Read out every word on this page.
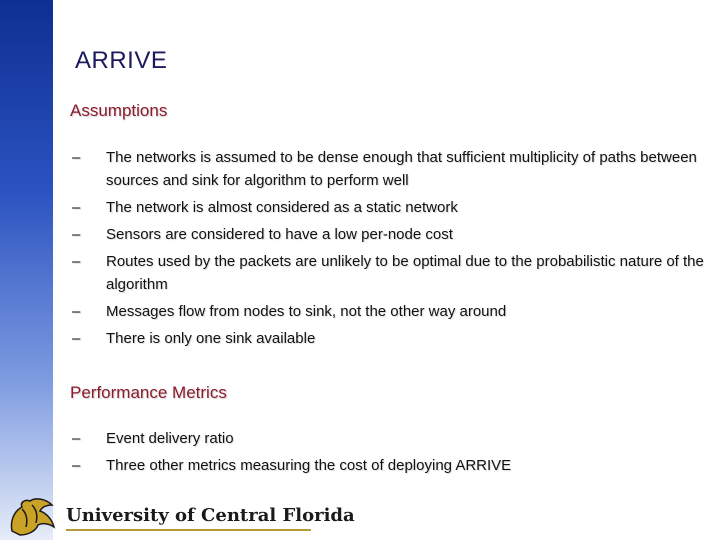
ARRIVE
Assumptions
– The networks is assumed to be dense enough that sufficient multiplicity of paths between sources and sink for algorithm to perform well
– The network is almost considered as a static network
– Sensors are considered to have a low per-node cost
– Routes used by the packets are unlikely to be optimal due to the probabilistic nature of the algorithm
– Messages flow from nodes to sink, not the other way around
– There is only one sink available
Performance Metrics
– Event delivery ratio
– Three other metrics measuring the cost of deploying ARRIVE
University of Central Florida
